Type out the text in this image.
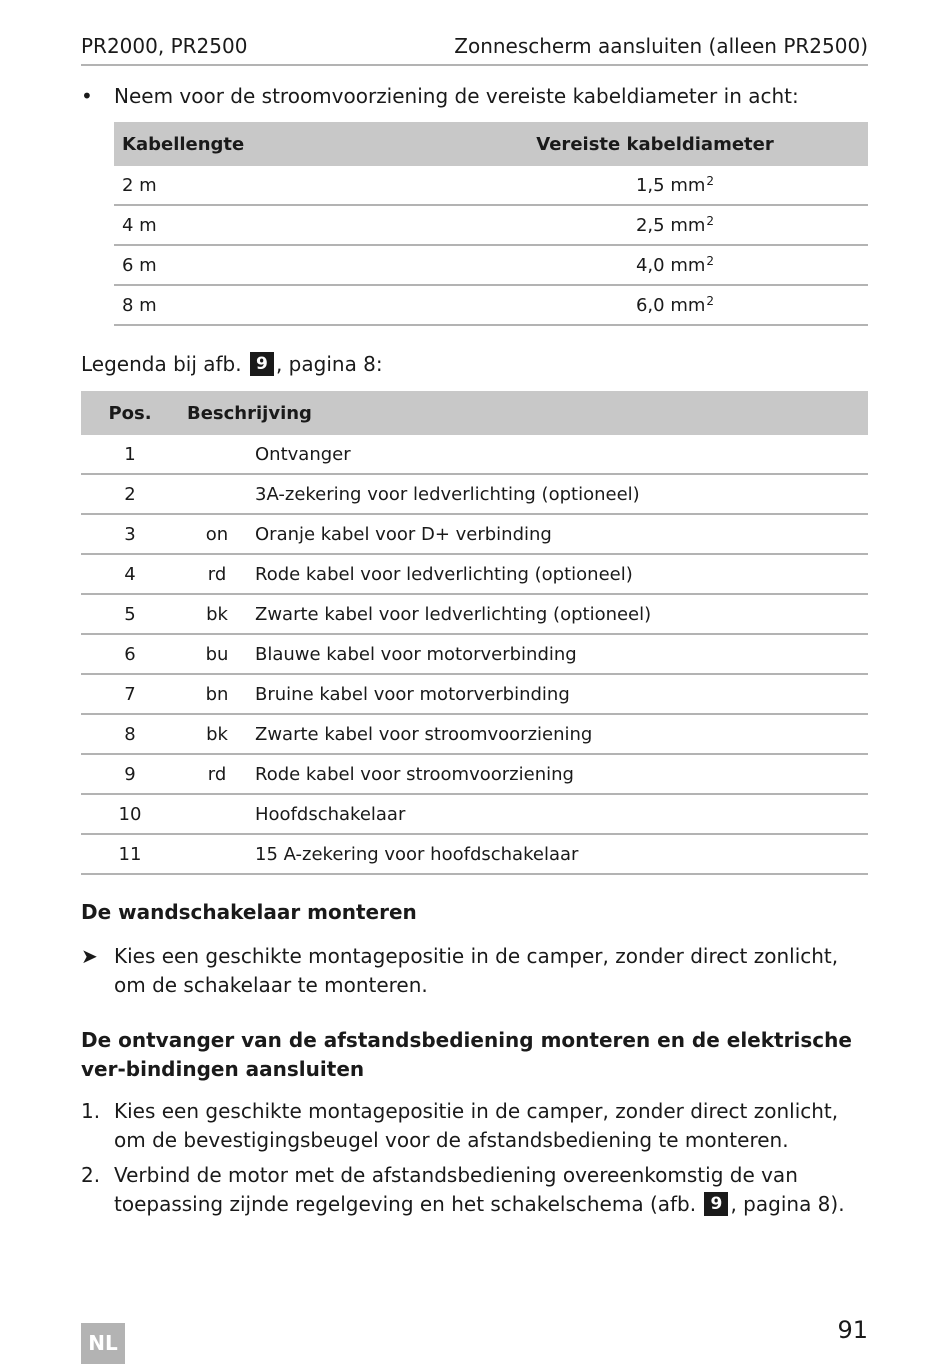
PR2000, PR2500	Zonnescherm aansluiten (alleen PR2500)
• Neem voor de stroomvoorziening de vereiste kabeldiameter in acht:
Kabellengte	Vereiste kabeldiameter
2 m	1,5 $mm^2$
4 m	2,5 $mm^2$
6 m	4,0 $mm^2$
8 m	6,0 $mm^2$
Legenda bij afb. 9 , pagina 8:
Pos.	Beschrijving	
1		Ontvanger
2		3A-zekering voor ledverlichting (optioneel)
3	on	Oranje kabel voor D+ verbinding
4	rd	Rode kabel voor ledverlichting (optioneel)
5	bk	Zwarte kabel voor ledverlichting (optioneel)
6	bu	Blauwe kabel voor motorverbinding
7	bn	Bruine kabel voor motorverbinding
8	bk	Zwarte kabel voor stroomvoorziening
9	rd	Rode kabel voor stroomvoorziening
10		Hoofdschakelaar
11		15 A-zekering voor hoofdschakelaar
De wandschakelaar monteren
➤ Kies een geschikte montagepositie in de camper, zonder direct zonlicht, om de schakelaar te monteren.
De ontvanger van de afstandsbediening monteren en de elektrische ver-bindingen aansluiten
1. Kies een geschikte montagepositie in de camper, zonder direct zonlicht, om de bevestigingsbeugel voor de afstandsbediening te monteren.
2. Verbind de motor met de afstandsbediening overeenkomstig de van toepassing zijnde regelgeving en het schakelschema (afb. 9 , pagina 8).
NL	91
